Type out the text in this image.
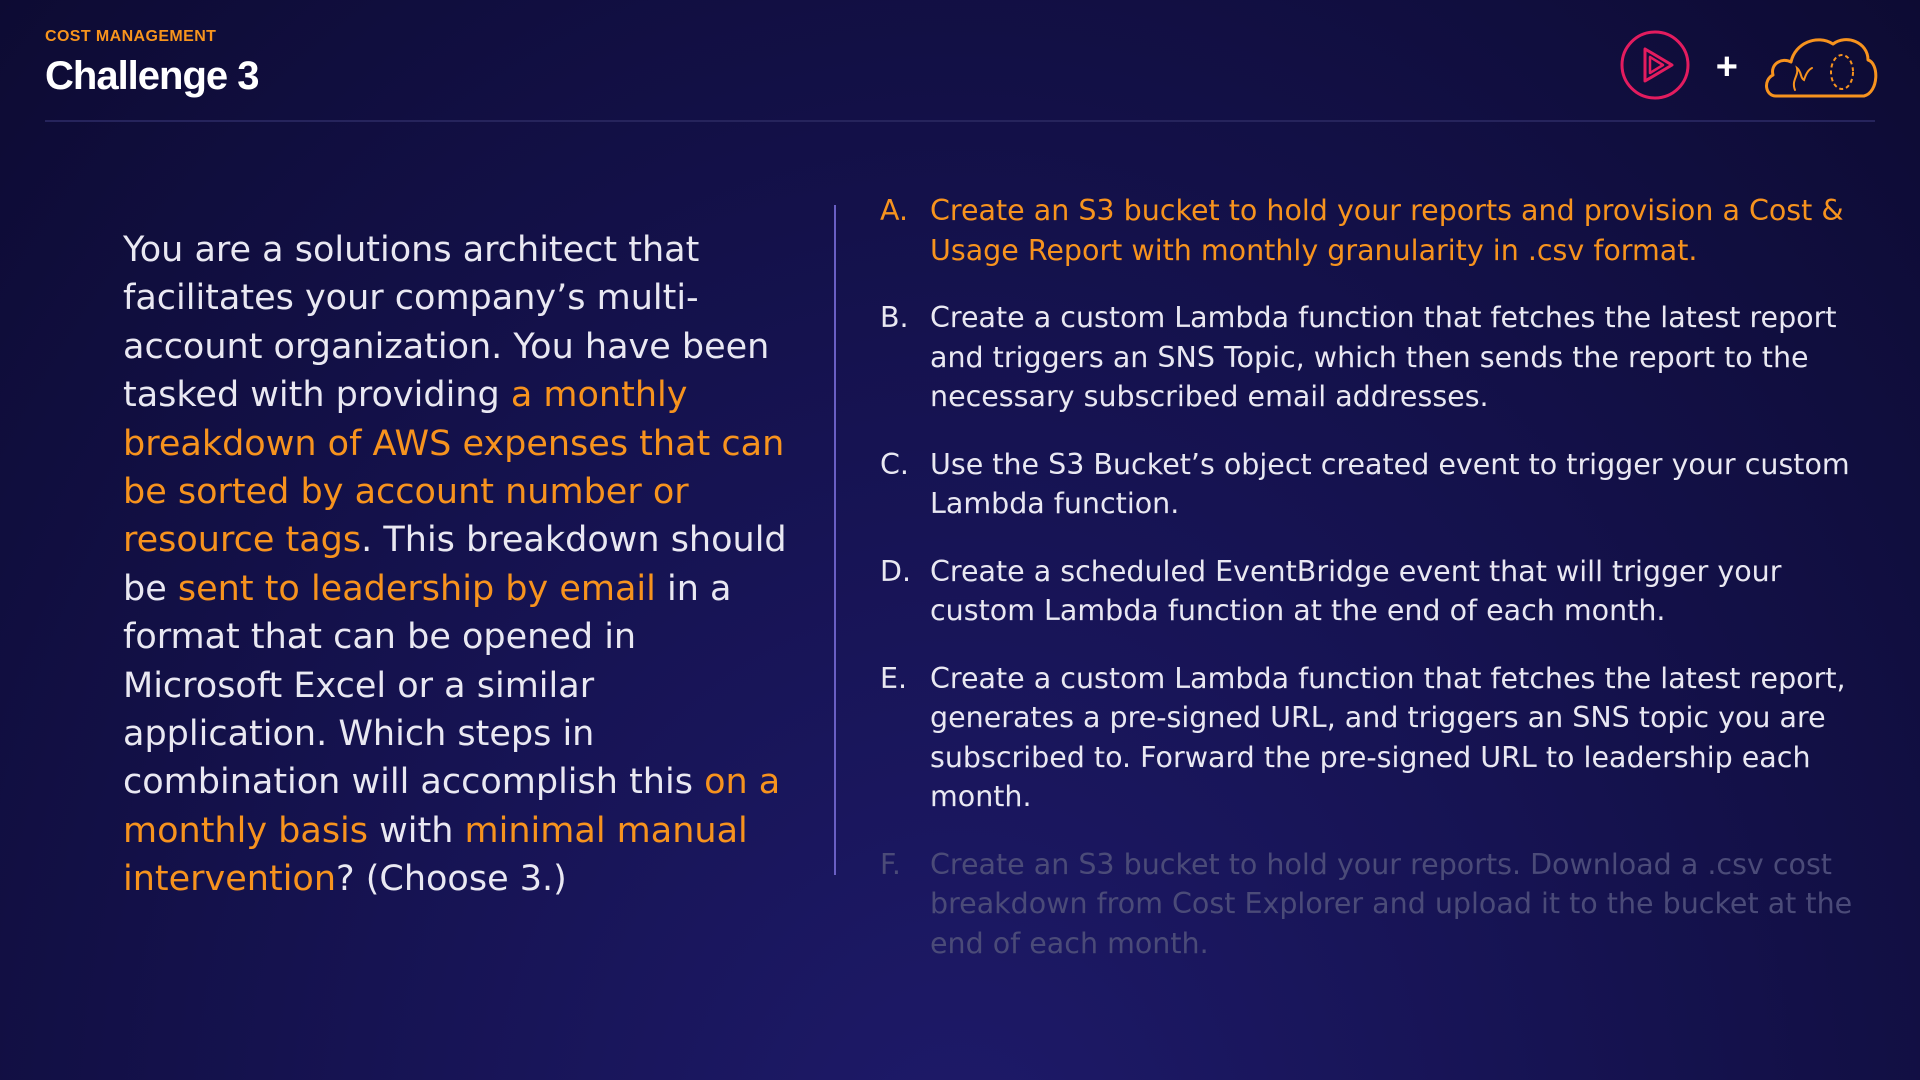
COST MANAGEMENT
Challenge 3	+
You are a solutions architect that facilitates your company’s multi-account organization. You have been tasked with providing a monthly breakdown of AWS expenses that can be sorted by account number or resource tags. This breakdown should be sent to leadership by email in a format that can be opened in Microsoft Excel or a similar application. Which steps in combination will accomplish this on a monthly basis with minimal manual intervention? (Choose 3.)
A. Create an S3 bucket to hold your reports and provision a Cost & Usage Report with monthly granularity in .csv format.
B. Create a custom Lambda function that fetches the latest report and triggers an SNS Topic, which then sends the report to the necessary subscribed email addresses.
C. Use the S3 Bucket’s object created event to trigger your custom Lambda function.
D. Create a scheduled EventBridge event that will trigger your custom Lambda function at the end of each month.
E. Create a custom Lambda function that fetches the latest report, generates a pre-signed URL, and triggers an SNS topic you are subscribed to. Forward the pre-signed URL to leadership each month.
F.	Create an S3 bucket to hold your reports. Download a .csv cost breakdown from Cost Explorer and upload it to the bucket at the end of each month.
